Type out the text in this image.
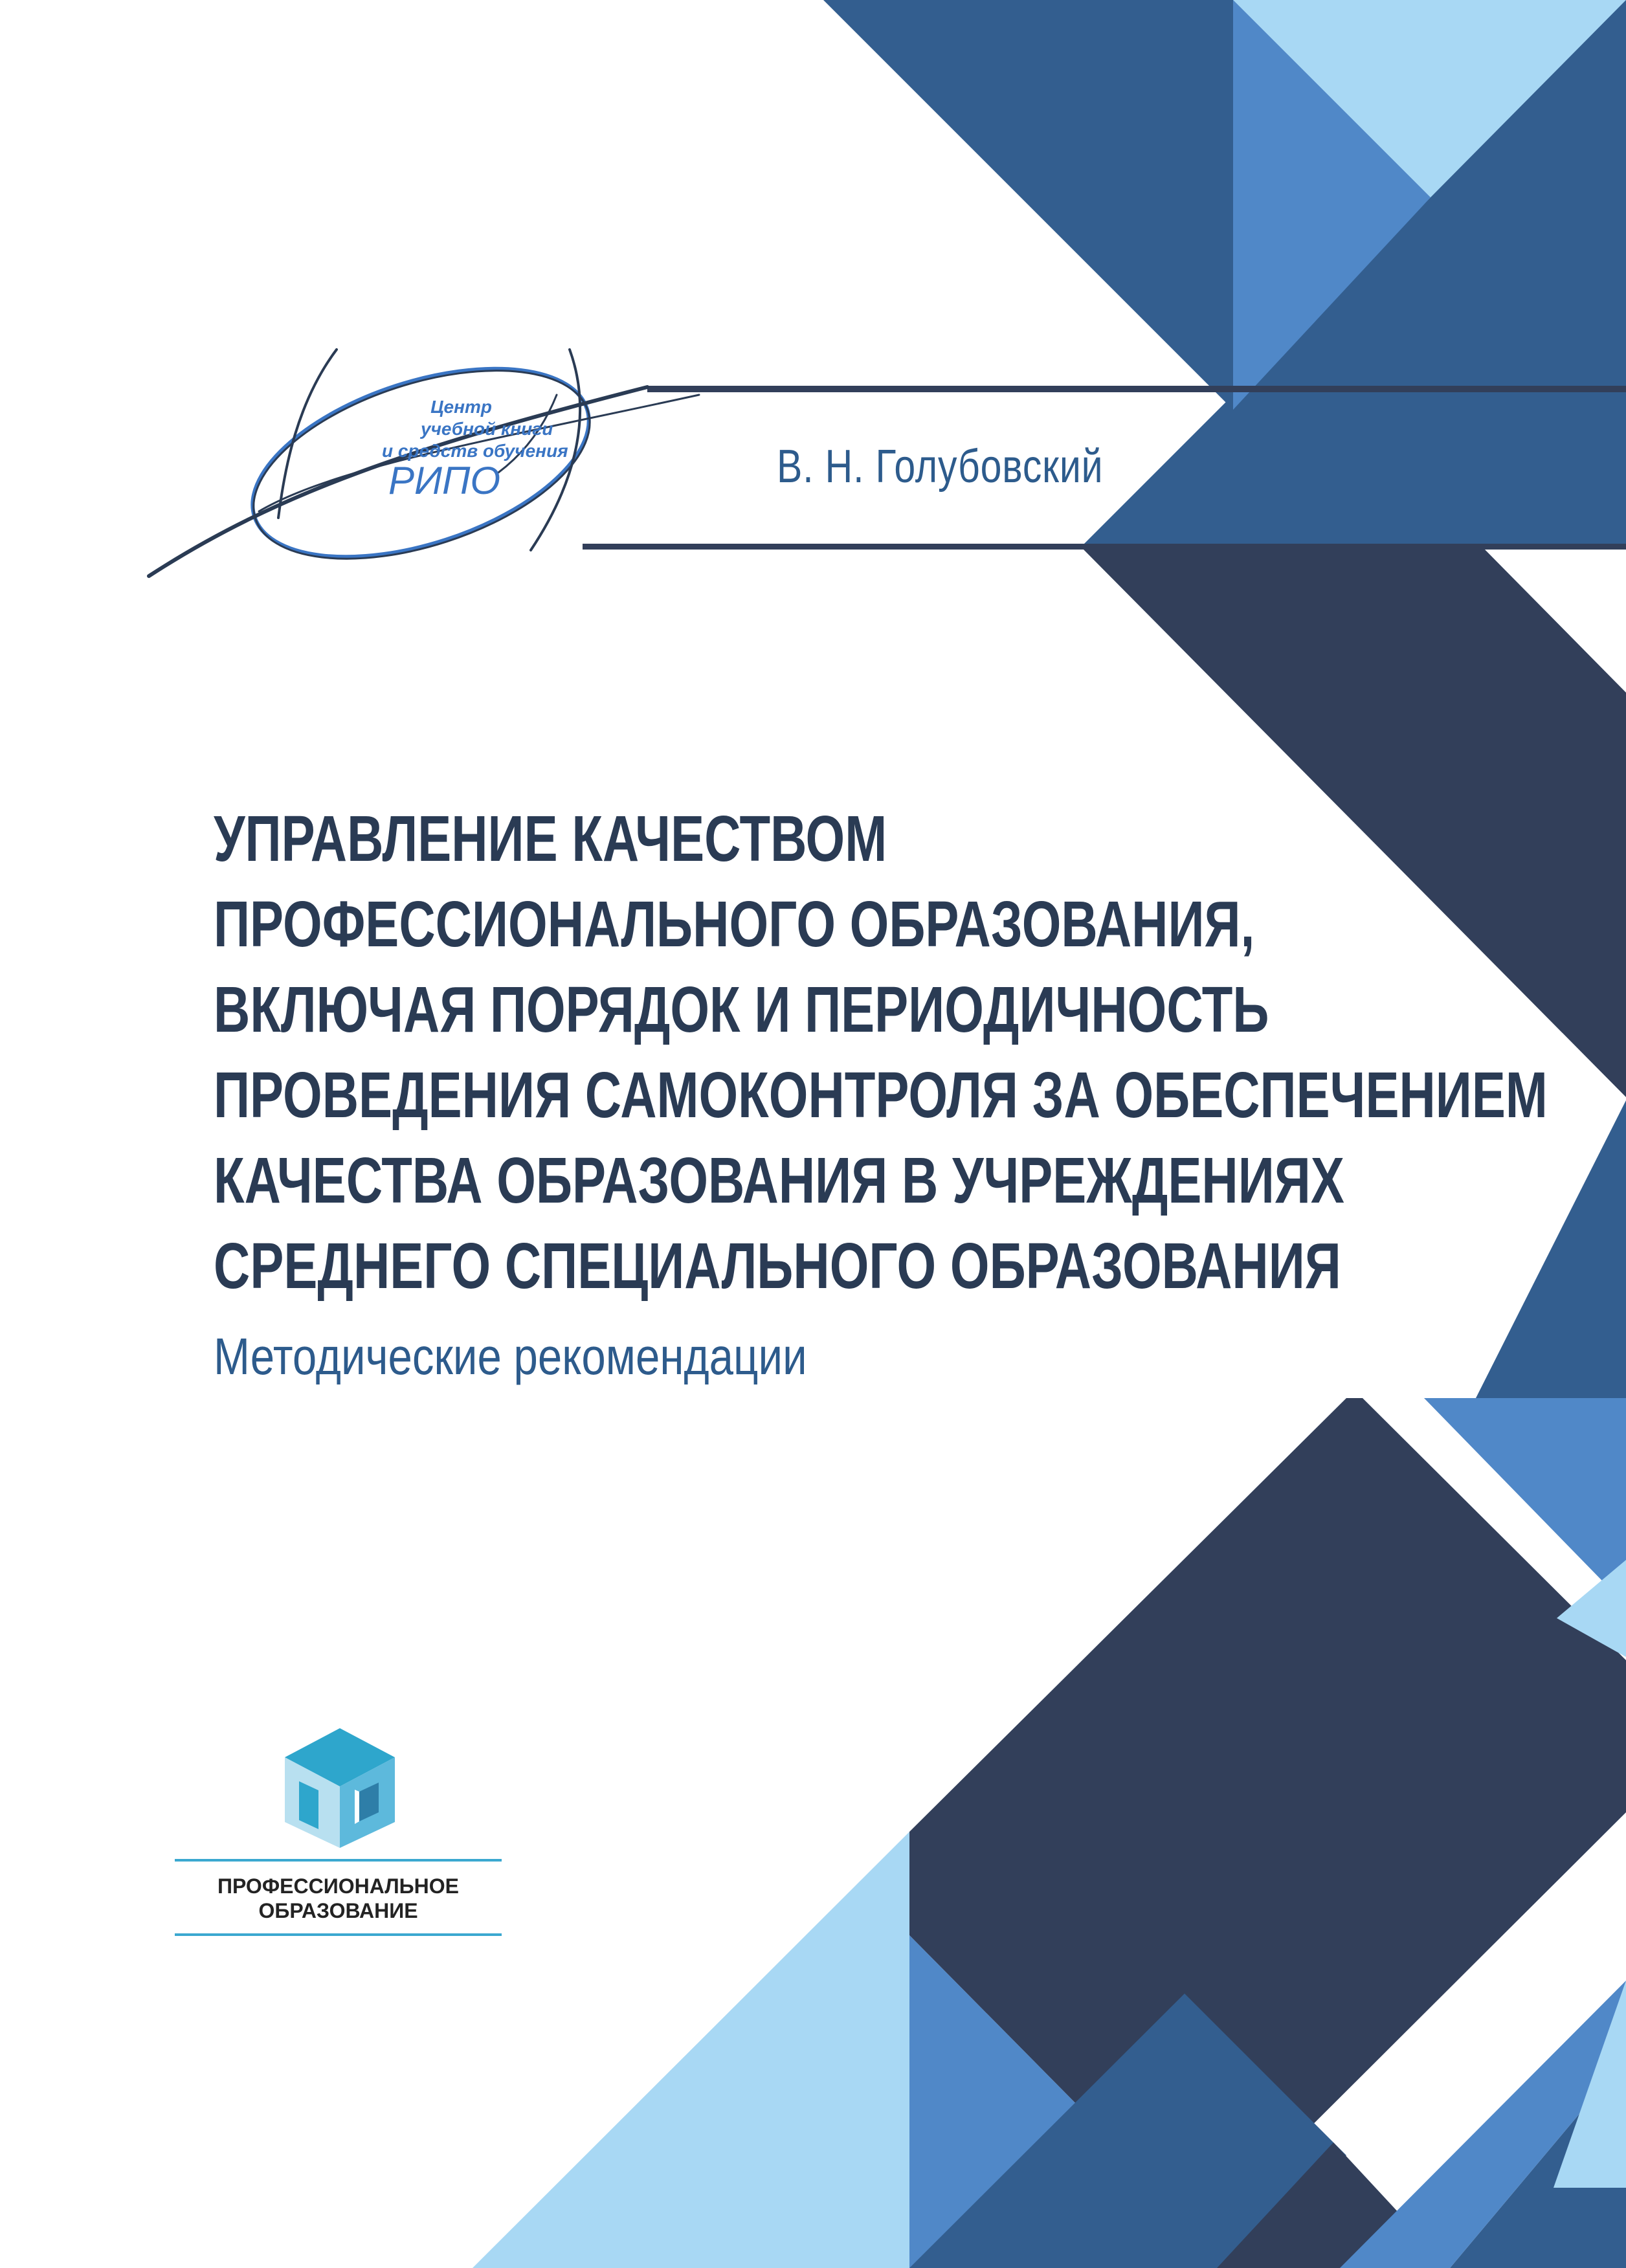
Центр
учебной книги
и средств обучения
РИПО	В. Н. Голубовский
УПРАВЛЕНИЕ КАЧЕСТВОМ
ПРОФЕССИОНАЛЬНОГО ОБРАЗОВАНИЯ,
ВКЛЮЧАЯ ПОРЯДОК И ПЕРИОДИЧНОСТЬ
ПРОВЕДЕНИЯ САМОКОНТРОЛЯ ЗА ОБЕСПЕЧЕНИЕМ
КАЧЕСТВА ОБРАЗОВАНИЯ В УЧРЕЖДЕНИЯХ
СРЕДНЕГО СПЕЦИАЛЬНОГО ОБРАЗОВАНИЯ
Методические рекомендации
ПРОФЕССИОНАЛЬНОЕ
ОБРАЗОВАНИЕ
